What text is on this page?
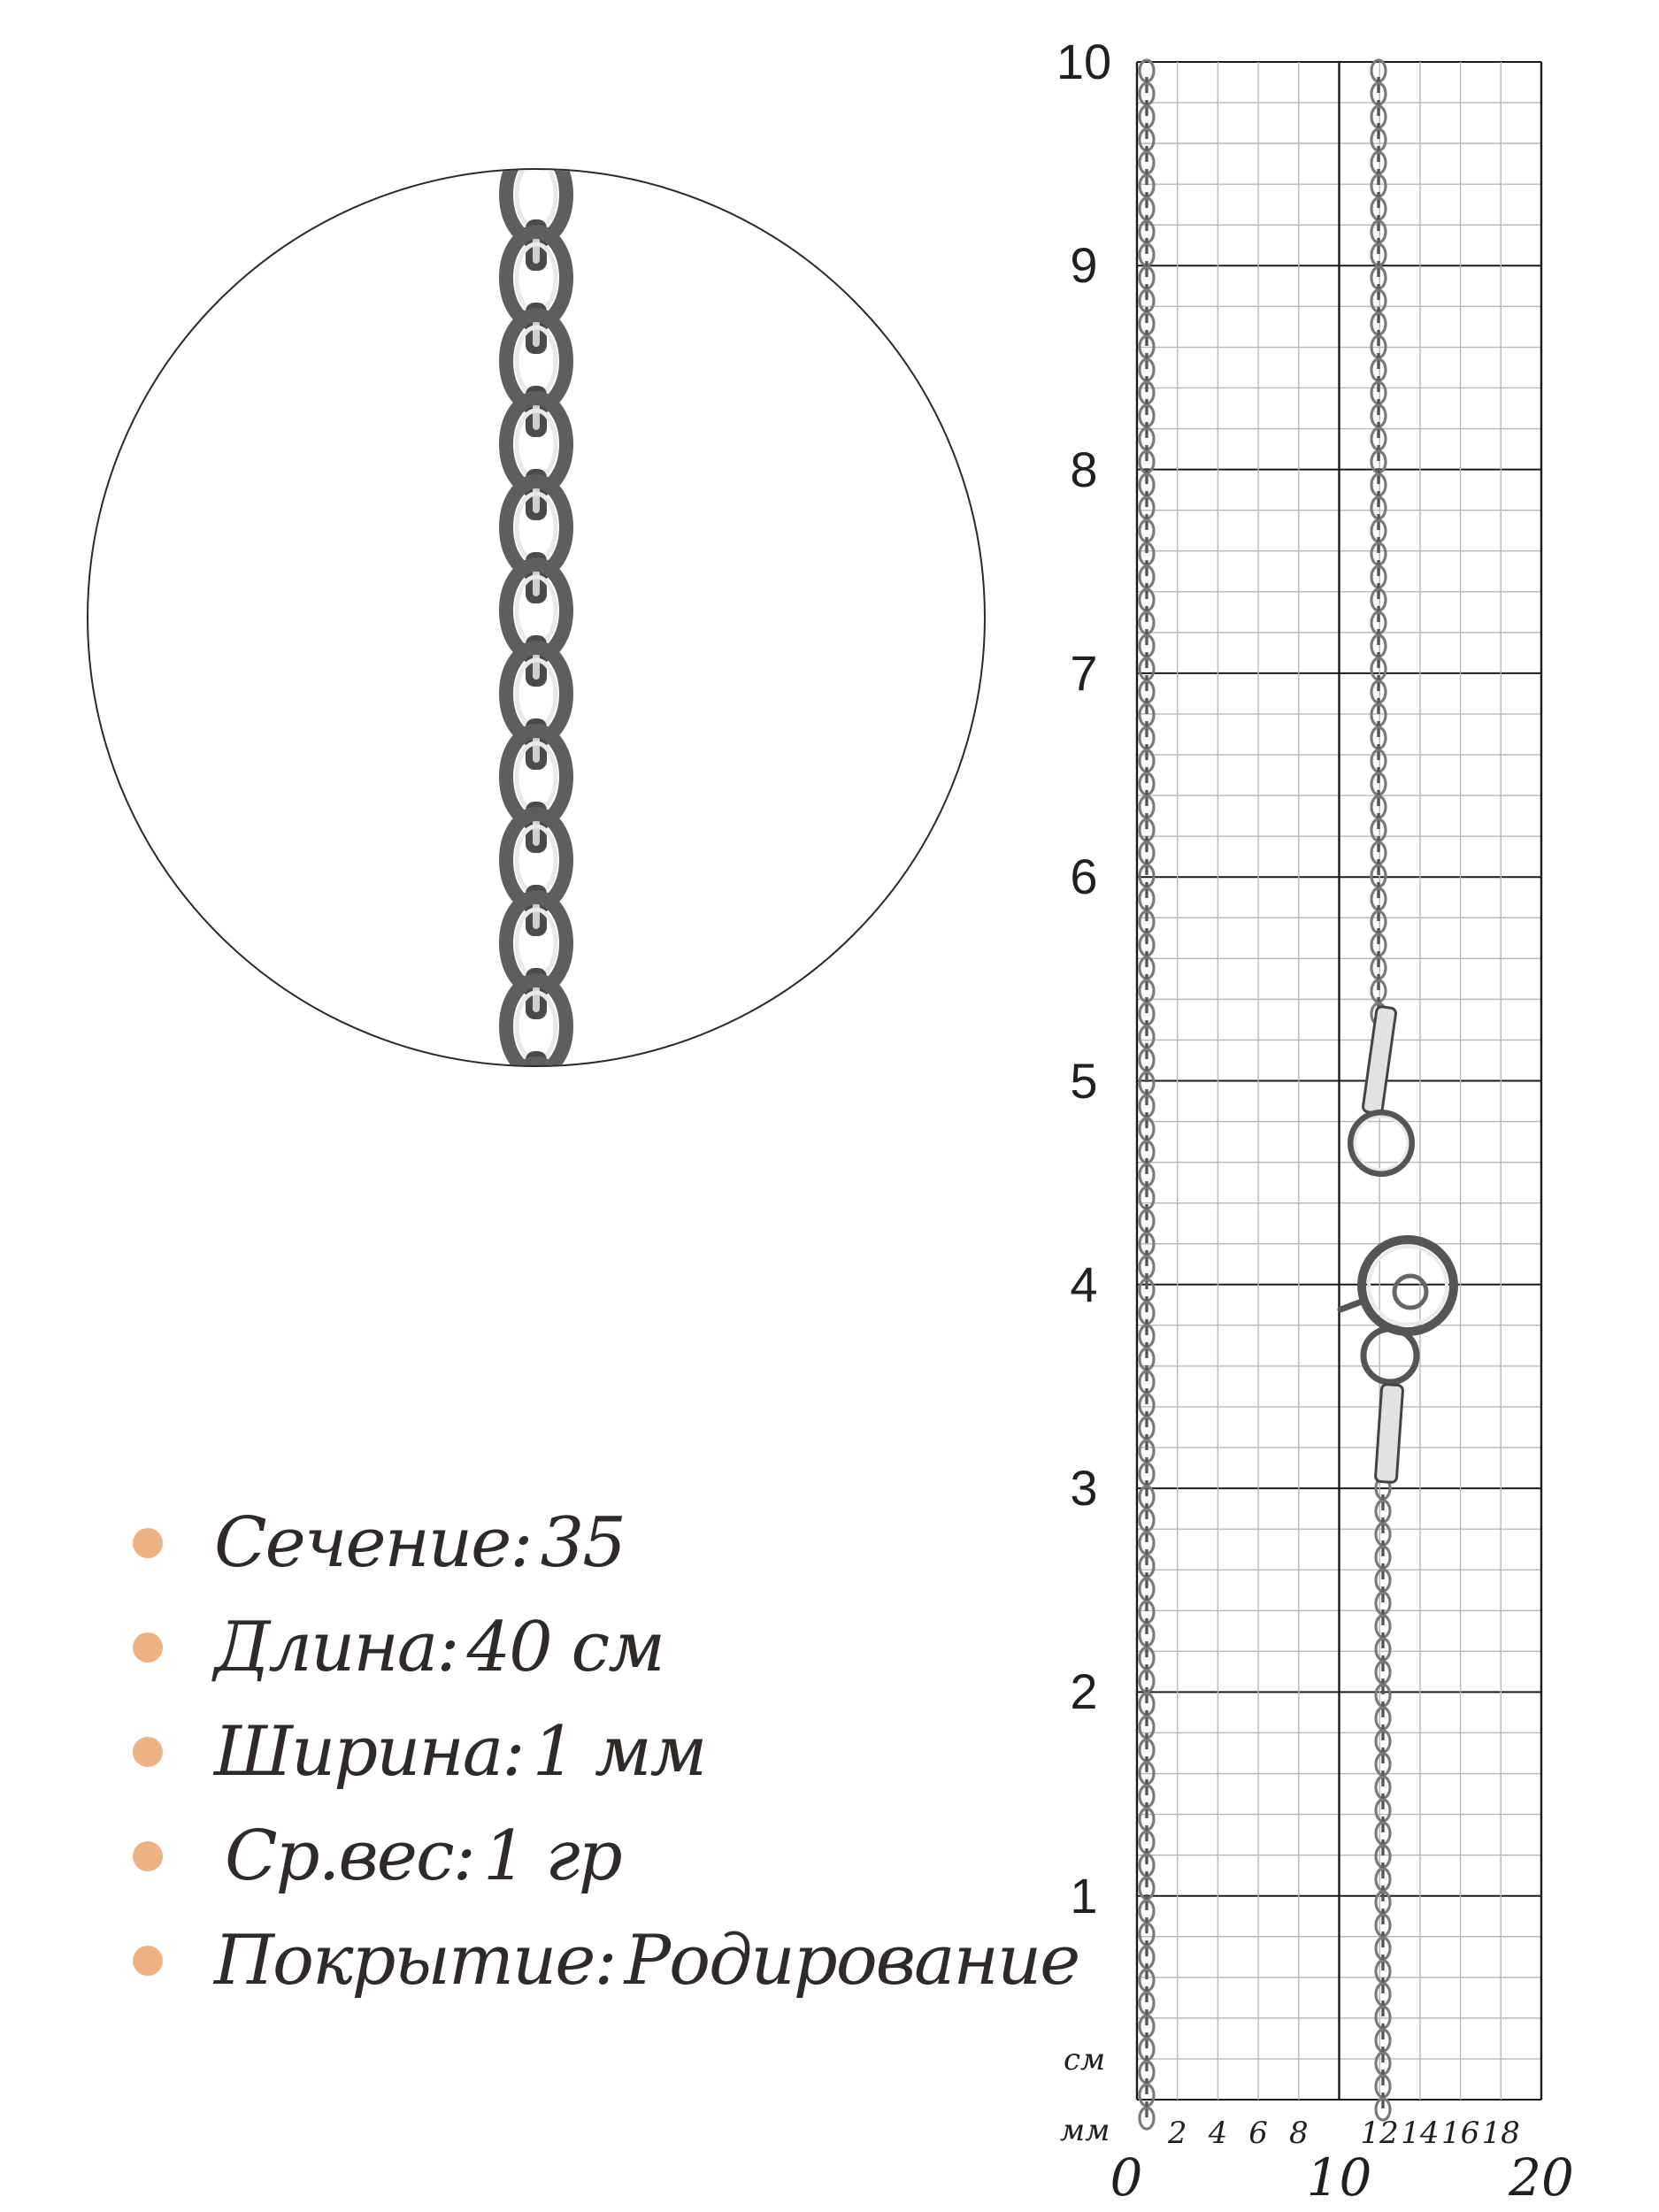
Сечение: 35
Длина: 40 см
Ширина: 1 мм
Ср.вес: 1 гр
Покрытие: Родирование
10
9
8
7
6
5
4
3
2
1
см
мм 2 4 6 8 12 14 16 18
0	10	20
